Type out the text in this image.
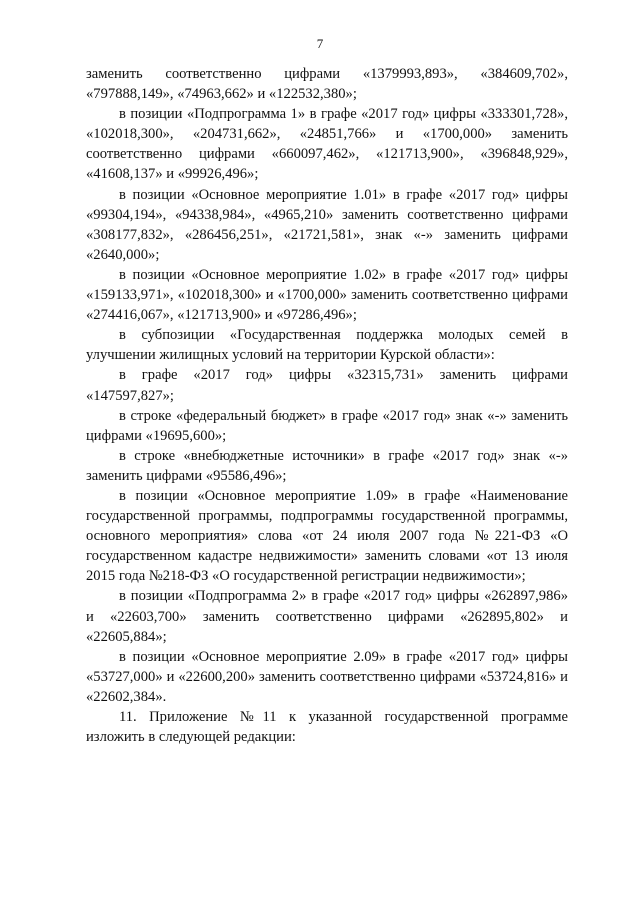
7

заменить соответственно цифрами «1379993,893», «384609,702», «797888,149», «74963,662» и «122532,380»;

в позиции «Подпрограмма 1» в графе «2017 год» цифры «333301,728», «102018,300», «204731,662», «24851,766» и «1700,000» заменить соответственно цифрами «660097,462», «121713,900», «396848,929», «41608,137» и «99926,496»;

в позиции «Основное мероприятие 1.01» в графе «2017 год» цифры «99304,194», «94338,984», «4965,210» заменить соответственно цифрами «308177,832», «286456,251», «21721,581», знак «-» заменить цифрами «2640,000»;

в позиции «Основное мероприятие 1.02» в графе «2017 год» цифры «159133,971», «102018,300» и «1700,000» заменить соответственно цифрами «274416,067», «121713,900» и «97286,496»;

в субпозиции «Государственная поддержка молодых семей в улучшении жилищных условий на территории Курской области»:

в графе «2017 год» цифры «32315,731» заменить цифрами «147597,827»;

в строке «федеральный бюджет» в графе «2017 год» знак «-» заменить цифрами «19695,600»;

в строке «внебюджетные источники» в графе «2017 год» знак «-» заменить цифрами «95586,496»;

в позиции «Основное мероприятие 1.09» в графе «Наименование государственной программы, подпрограммы государственной программы, основного мероприятия» слова «от 24 июля 2007 года №221-ФЗ «О государственном кадастре недвижимости» заменить словами «от 13 июля 2015 года №218-ФЗ «О государственной регистрации недвижимости»;

в позиции «Подпрограмма 2» в графе «2017 год» цифры «262897,986» и «22603,700» заменить соответственно цифрами «262895,802» и «22605,884»;

в позиции «Основное мероприятие 2.09» в графе «2017 год» цифры «53727,000» и «22600,200» заменить соответственно цифрами «53724,816» и «22602,384».

11. Приложение №11 к указанной государственной программе изложить в следующей редакции:
